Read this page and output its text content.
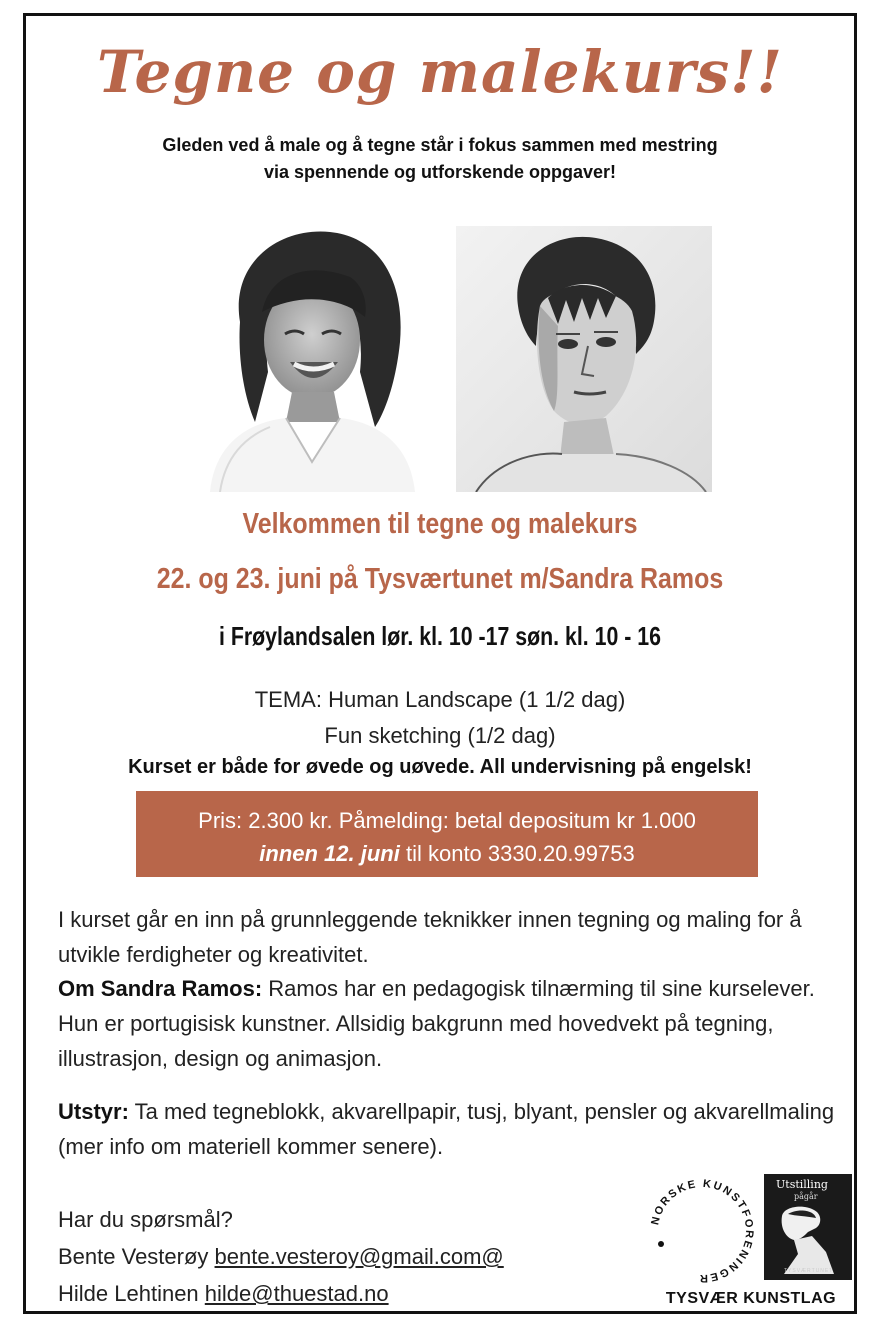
Tegne og malekurs!!
Gleden ved å male og å tegne står i fokus sammen med mestring
via spennende og utforskende oppgaver!
Velkommen til tegne og malekurs
22. og 23. juni på Tysværtunet m/Sandra Ramos
i Frøylandsalen lør. kl. 10 -17 søn. kl. 10 - 16
TEMA: Human Landscape (1 1/2 dag)
Fun sketching (1/2 dag)
Kurset er både for øvede og uøvede. All undervisning på engelsk!
Pris: 2.300 kr. Påmelding: betal depositum kr 1.000
innen 12. juni til konto 3330.20.99753
I kurset går en inn på grunnleggende teknikker innen tegning og maling for å utvikle ferdigheter og kreativitet.
Om Sandra Ramos: Ramos har en pedagogisk tilnærming til sine kurselever. Hun er portugisisk kunstner. Allsidig bakgrunn med hovedvekt på tegning, illustrasjon, design og animasjon.
Utstyr: Ta med tegneblokk, akvarellpapir, tusj, blyant, pensler og akvarellmaling (mer info om materiell kommer senere).
Har du spørsmål?
Bente Vesterøy bente.vesteroy@gmail.com@
Hilde Lehtinen hilde@thuestad.no
NORSKE KUNSTFORENINGER
Utstilling
pågår
TYSVÆRTUNET
TYSVÆR KUNSTLAG
